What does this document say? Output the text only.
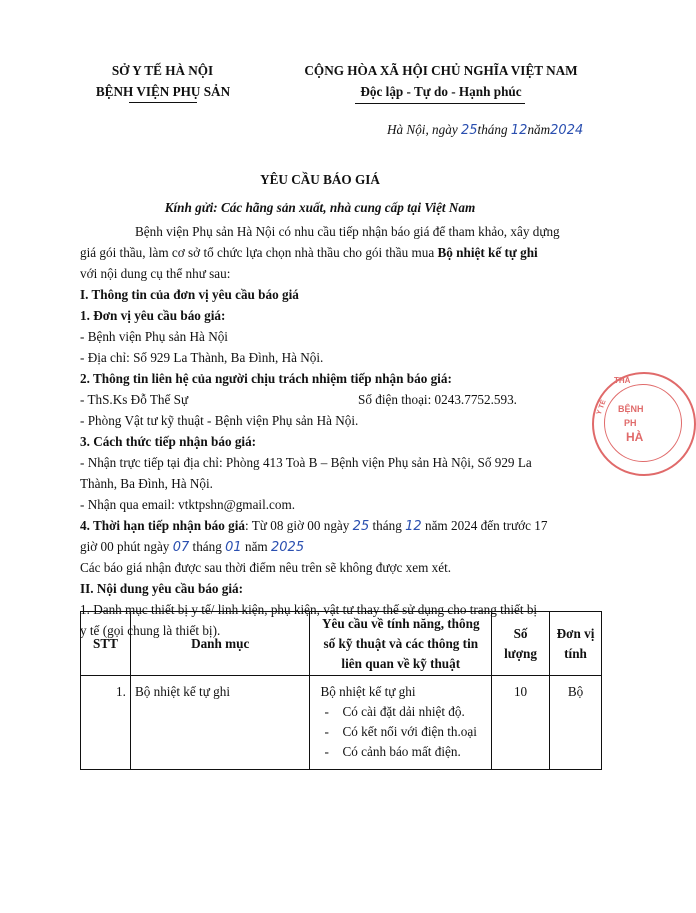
SỞ Y TẾ HÀ NỘI
BỆNH VIỆN PHỤ SẢN
CỘNG HÒA XÃ HỘI CHỦ NGHĨA VIỆT NAM
Độc lập - Tự do - Hạnh phúc
Hà Nội, ngày 25tháng 12năm2024
YÊU CẦU BÁO GIÁ
Kính gửi: Các hãng sản xuất, nhà cung cấp tại Việt Nam
Bệnh viện Phụ sản Hà Nội có nhu cầu tiếp nhận báo giá để tham khảo, xây dựng
giá gói thầu, làm cơ sở tổ chức lựa chọn nhà thầu cho gói thầu mua Bộ nhiệt kế tự ghi
với nội dung cụ thể như sau:
I. Thông tin của đơn vị yêu cầu báo giá
1. Đơn vị yêu cầu báo giá:
- Bệnh viện Phụ sản Hà Nội
- Địa chỉ: Số 929 La Thành, Ba Đình, Hà Nội.
2. Thông tin liên hệ của người chịu trách nhiệm tiếp nhận báo giá:
- ThS.Ks Đỗ Thế Sự	Số điện thoại: 0243.7752.593.
- Phòng Vật tư kỹ thuật - Bệnh viện Phụ sản Hà Nội.
3. Cách thức tiếp nhận báo giá:
- Nhận trực tiếp tại địa chỉ: Phòng 413 Toà B – Bệnh viện Phụ sản Hà Nội, Số 929 La
Thành, Ba Đình, Hà Nội.
- Nhận qua email: vtktpshn@gmail.com.
4. Thời hạn tiếp nhận báo giá: Từ 08 giờ 00 ngày 25 tháng 12 năm 2024 đến trước 17
giờ 00 phút ngày 07 tháng 01 năm 2025
Các báo giá nhận được sau thời điểm nêu trên sẽ không được xem xét.
II. Nội dung yêu cầu báo giá:
1. Danh mục thiết bị y tế/ linh kiện, phụ kiện, vật tư thay thế sử dụng cho trang thiết bị
y tế (gọi chung là thiết bị).
STT	Danh mục	Yêu cầu về tính năng, thông
số kỹ thuật và các thông tin
liên quan về kỹ thuật	Số lượng	Đơn vị
tính
1.	Bộ nhiệt kế tự ghi	Bộ nhiệt kế tự ghi
- Có cài đặt dải nhiệt độ.
- Có kết nối với điện th.oại
- Có cảnh báo mất điện.	10	Bộ
BỆNH
PH
HÀ
THÀ
Y TẾ
